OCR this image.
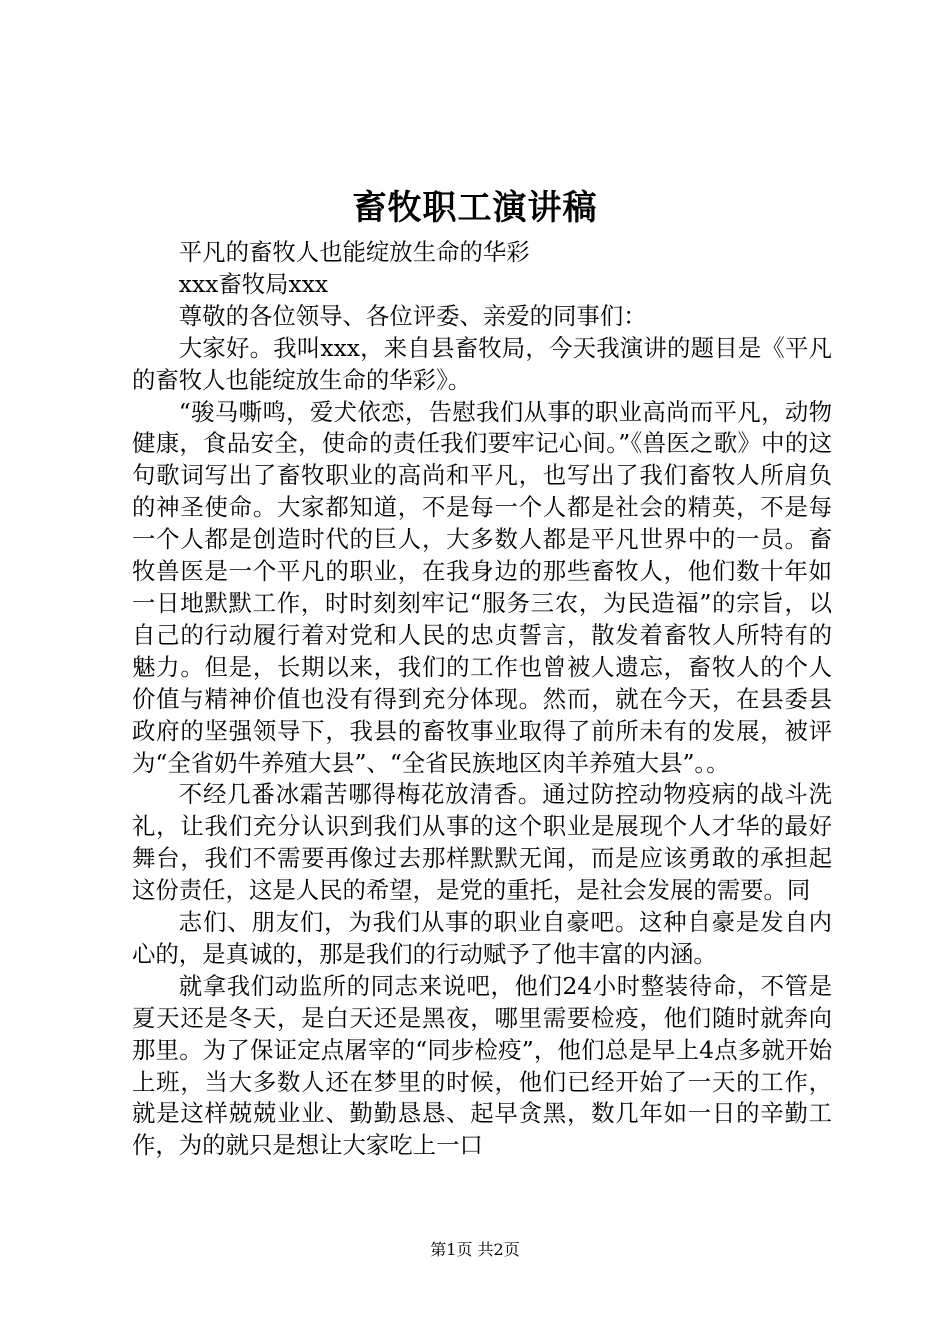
畜牧职工演讲稿

平凡的畜牧人也能绽放生命的华彩

xxx畜牧局xxx

尊敬的各位领导、各位评委、亲爱的同事们：

大家好。我叫xxx，来自县畜牧局，今天我演讲的题目是《平凡的畜牧人也能绽放生命的华彩》。

“骏马嘶鸣，爱犬依恋，告慰我们从事的职业高尚而平凡，动物健康，食品安全，使命的责任我们要牢记心间。”《兽医之歌》中的这句歌词写出了畜牧职业的高尚和平凡，也写出了我们畜牧人所肩负的神圣使命。大家都知道，不是每一个人都是社会的精英，不是每一个人都是创造时代的巨人，大多数人都是平凡世界中的一员。畜牧兽医是一个平凡的职业，在我身边的那些畜牧人，他们数十年如一日地默默工作，时时刻刻牢记“服务三农，为民造福”的宗旨，以自己的行动履行着对党和人民的忠贞誓言，散发着畜牧人所特有的魅力。但是，长期以来，我们的工作也曾被人遗忘，畜牧人的个人价值与精神价值也没有得到充分体现。然而，就在今天，在县委县政府的坚强领导下，我县的畜牧事业取得了前所未有的发展，被评为“全省奶牛养殖大县”、“全省民族地区肉羊养殖大县”。。

不经几番冰霜苦哪得梅花放清香。通过防控动物疫病的战斗洗礼，让我们充分认识到我们从事的这个职业是展现个人才华的最好舞台，我们不需要再像过去那样默默无闻，而是应该勇敢的承担起这份责任，这是人民的希望，是党的重托，是社会发展的需要。同

志们、朋友们，为我们从事的职业自豪吧。这种自豪是发自内心的，是真诚的，那是我们的行动赋予了他丰富的内涵。

就拿我们动监所的同志来说吧，他们24小时整装待命，不管是夏天还是冬天，是白天还是黑夜，哪里需要检疫，他们随时就奔向那里。为了保证定点屠宰的“同步检疫”，他们总是早上4点多就开始上班，当大多数人还在梦里的时候，他们已经开始了一天的工作，就是这样兢兢业业、勤勤恳恳、起早贪黑，数几年如一日的辛勤工作，为的就只是想让大家吃上一口

第1页 共2页
